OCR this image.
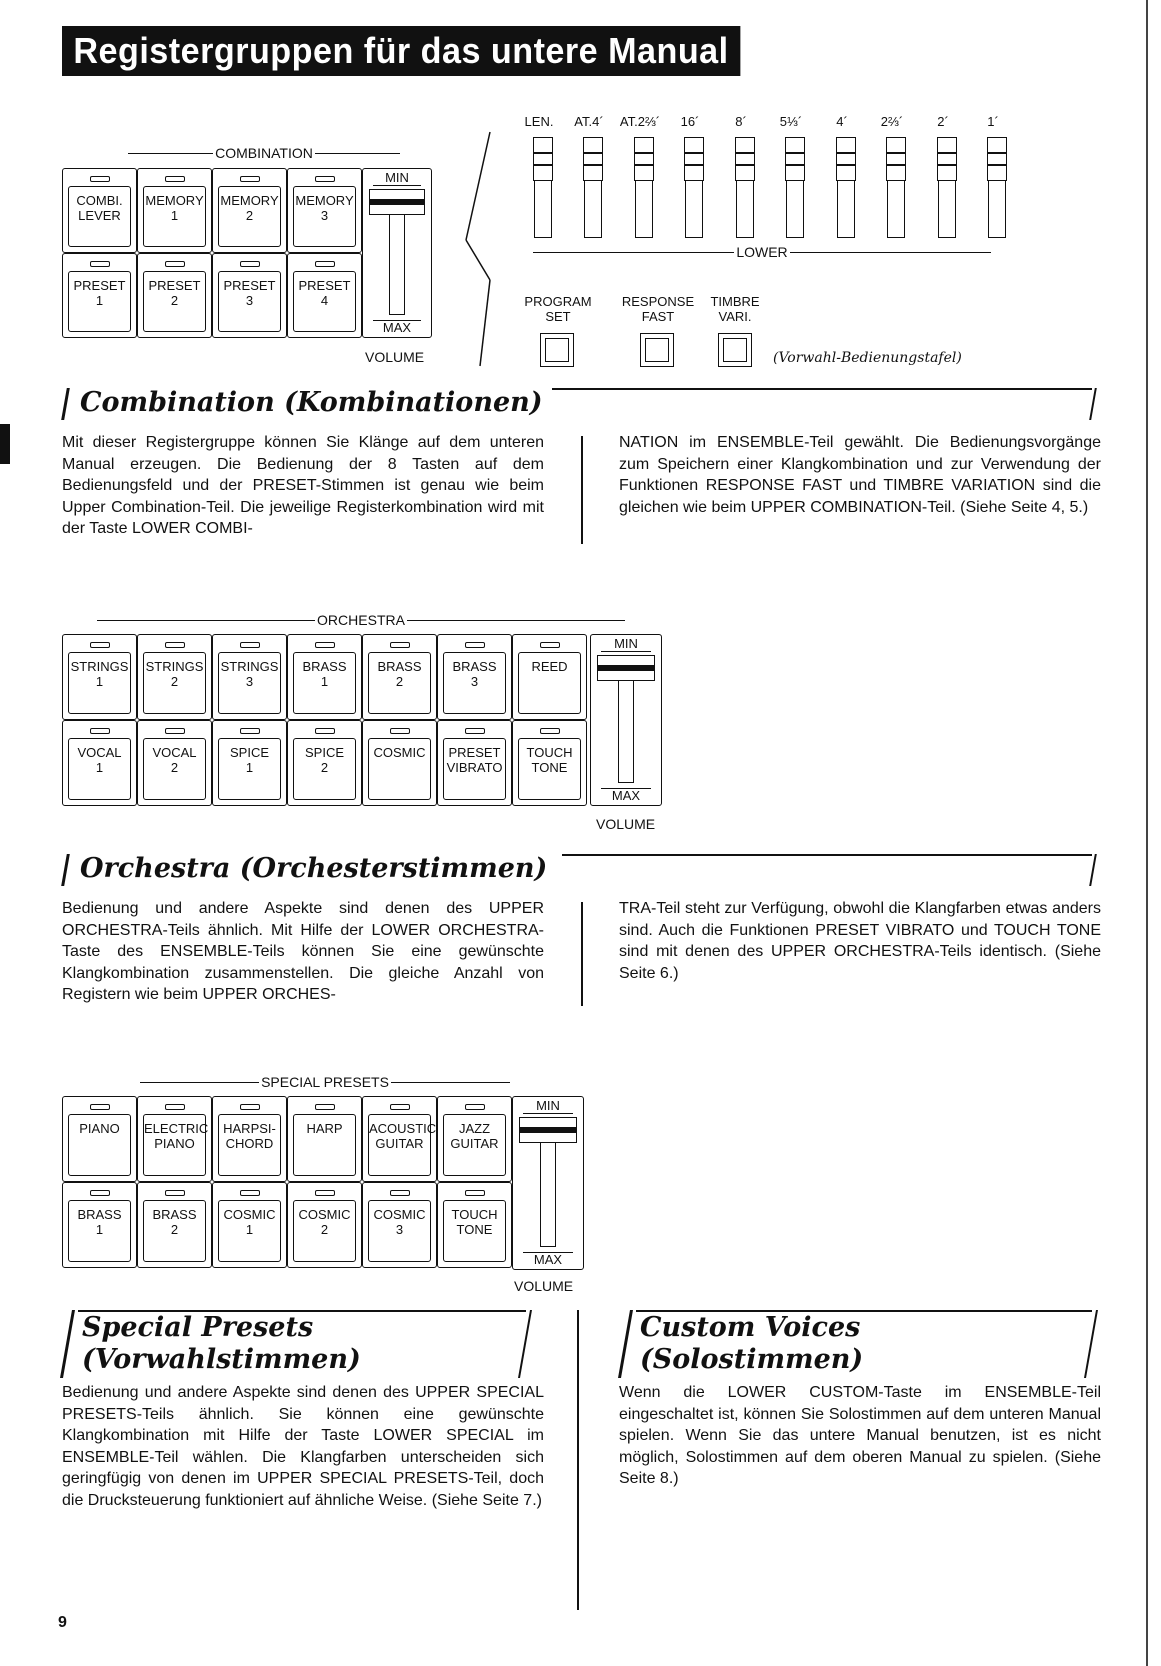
Registergruppen für das untere Manual
COMBINATION
COMBI.
LEVER
MEMORY
1
MEMORY
2
MEMORY
3
PRESET
1
PRESET
2
PRESET
3
PRESET
4
MIN
MAX
VOLUME
LEN.	AT.4´	AT.2⅔´	16´	8´	5⅓´	4´	2⅔´	2´	1´
LOWER
PROGRAM
SET
RESPONSE
FAST
TIMBRE
VARI.
(Vorwahl-Bedienungstafel)
Combination (Kombinationen)
Mit dieser Registergruppe können Sie Klänge auf dem unteren Manual erzeugen. Die Bedienung der 8 Tasten auf dem Bedienungsfeld und der PRESET-Stimmen ist genau wie beim Upper Combination-Teil. Die jeweilige Registerkombination wird mit der Taste LOWER COMBI-
NATION im ENSEMBLE-Teil gewählt. Die Bedienungsvorgänge zum Speichern einer Klangkombination und zur Verwendung der Funktionen RESPONSE FAST und TIMBRE VARIATION sind die gleichen wie beim UPPER COMBINATION-Teil. (Siehe Seite 4, 5.)
ORCHESTRA
STRINGS
1
STRINGS
2
STRINGS
3
BRASS
1
BRASS
2
BRASS
3
REED
VOCAL
1
VOCAL
2
SPICE
1
SPICE
2
COSMIC	PRESET
VIBRATO
TOUCH
TONE
MIN
MAX
VOLUME
Orchestra (Orchesterstimmen)
Bedienung und andere Aspekte sind denen des UPPER ORCHESTRA-Teils ähnlich. Mit Hilfe der LOWER ORCHESTRA-Taste des ENSEMBLE-Teils können Sie eine gewünschte Klangkombination zusammenstellen. Die gleiche Anzahl von Registern wie beim UPPER ORCHES-
TRA-Teil steht zur Verfügung, obwohl die Klangfarben etwas anders sind. Auch die Funktionen PRESET VIBRATO und TOUCH TONE sind mit denen des UPPER ORCHESTRA-Teils identisch. (Siehe Seite 6.)
SPECIAL PRESETS
PIANO	ELECTRIC
PIANO
HARPSI-
CHORD
HARP	ACOUSTIC
GUITAR
JAZZ
GUITAR
BRASS
1
BRASS
2
COSMIC
1
COSMIC
2
COSMIC
3
TOUCH
TONE
MIN
MAX
VOLUME
Special Presets
(Vorwahlstimmen)
Bedienung und andere Aspekte sind denen des UPPER SPECIAL PRESETS-Teils ähnlich. Sie können eine gewünschte Klangkombination mit Hilfe der Taste LOWER SPECIAL im ENSEMBLE-Teil wählen. Die Klangfarben unterscheiden sich geringfügig von denen im UPPER SPECIAL PRESETS-Teil, doch die Drucksteuerung funktioniert auf ähnliche Weise. (Siehe Seite 7.)
Custom Voices
(Solostimmen)
Wenn die LOWER CUSTOM-Taste im ENSEMBLE-Teil eingeschaltet ist, können Sie Solostimmen auf dem unteren Manual spielen. Wenn Sie das untere Manual benutzen, ist es nicht möglich, Solostimmen auf dem oberen Manual zu spielen. (Siehe Seite 8.)
9
